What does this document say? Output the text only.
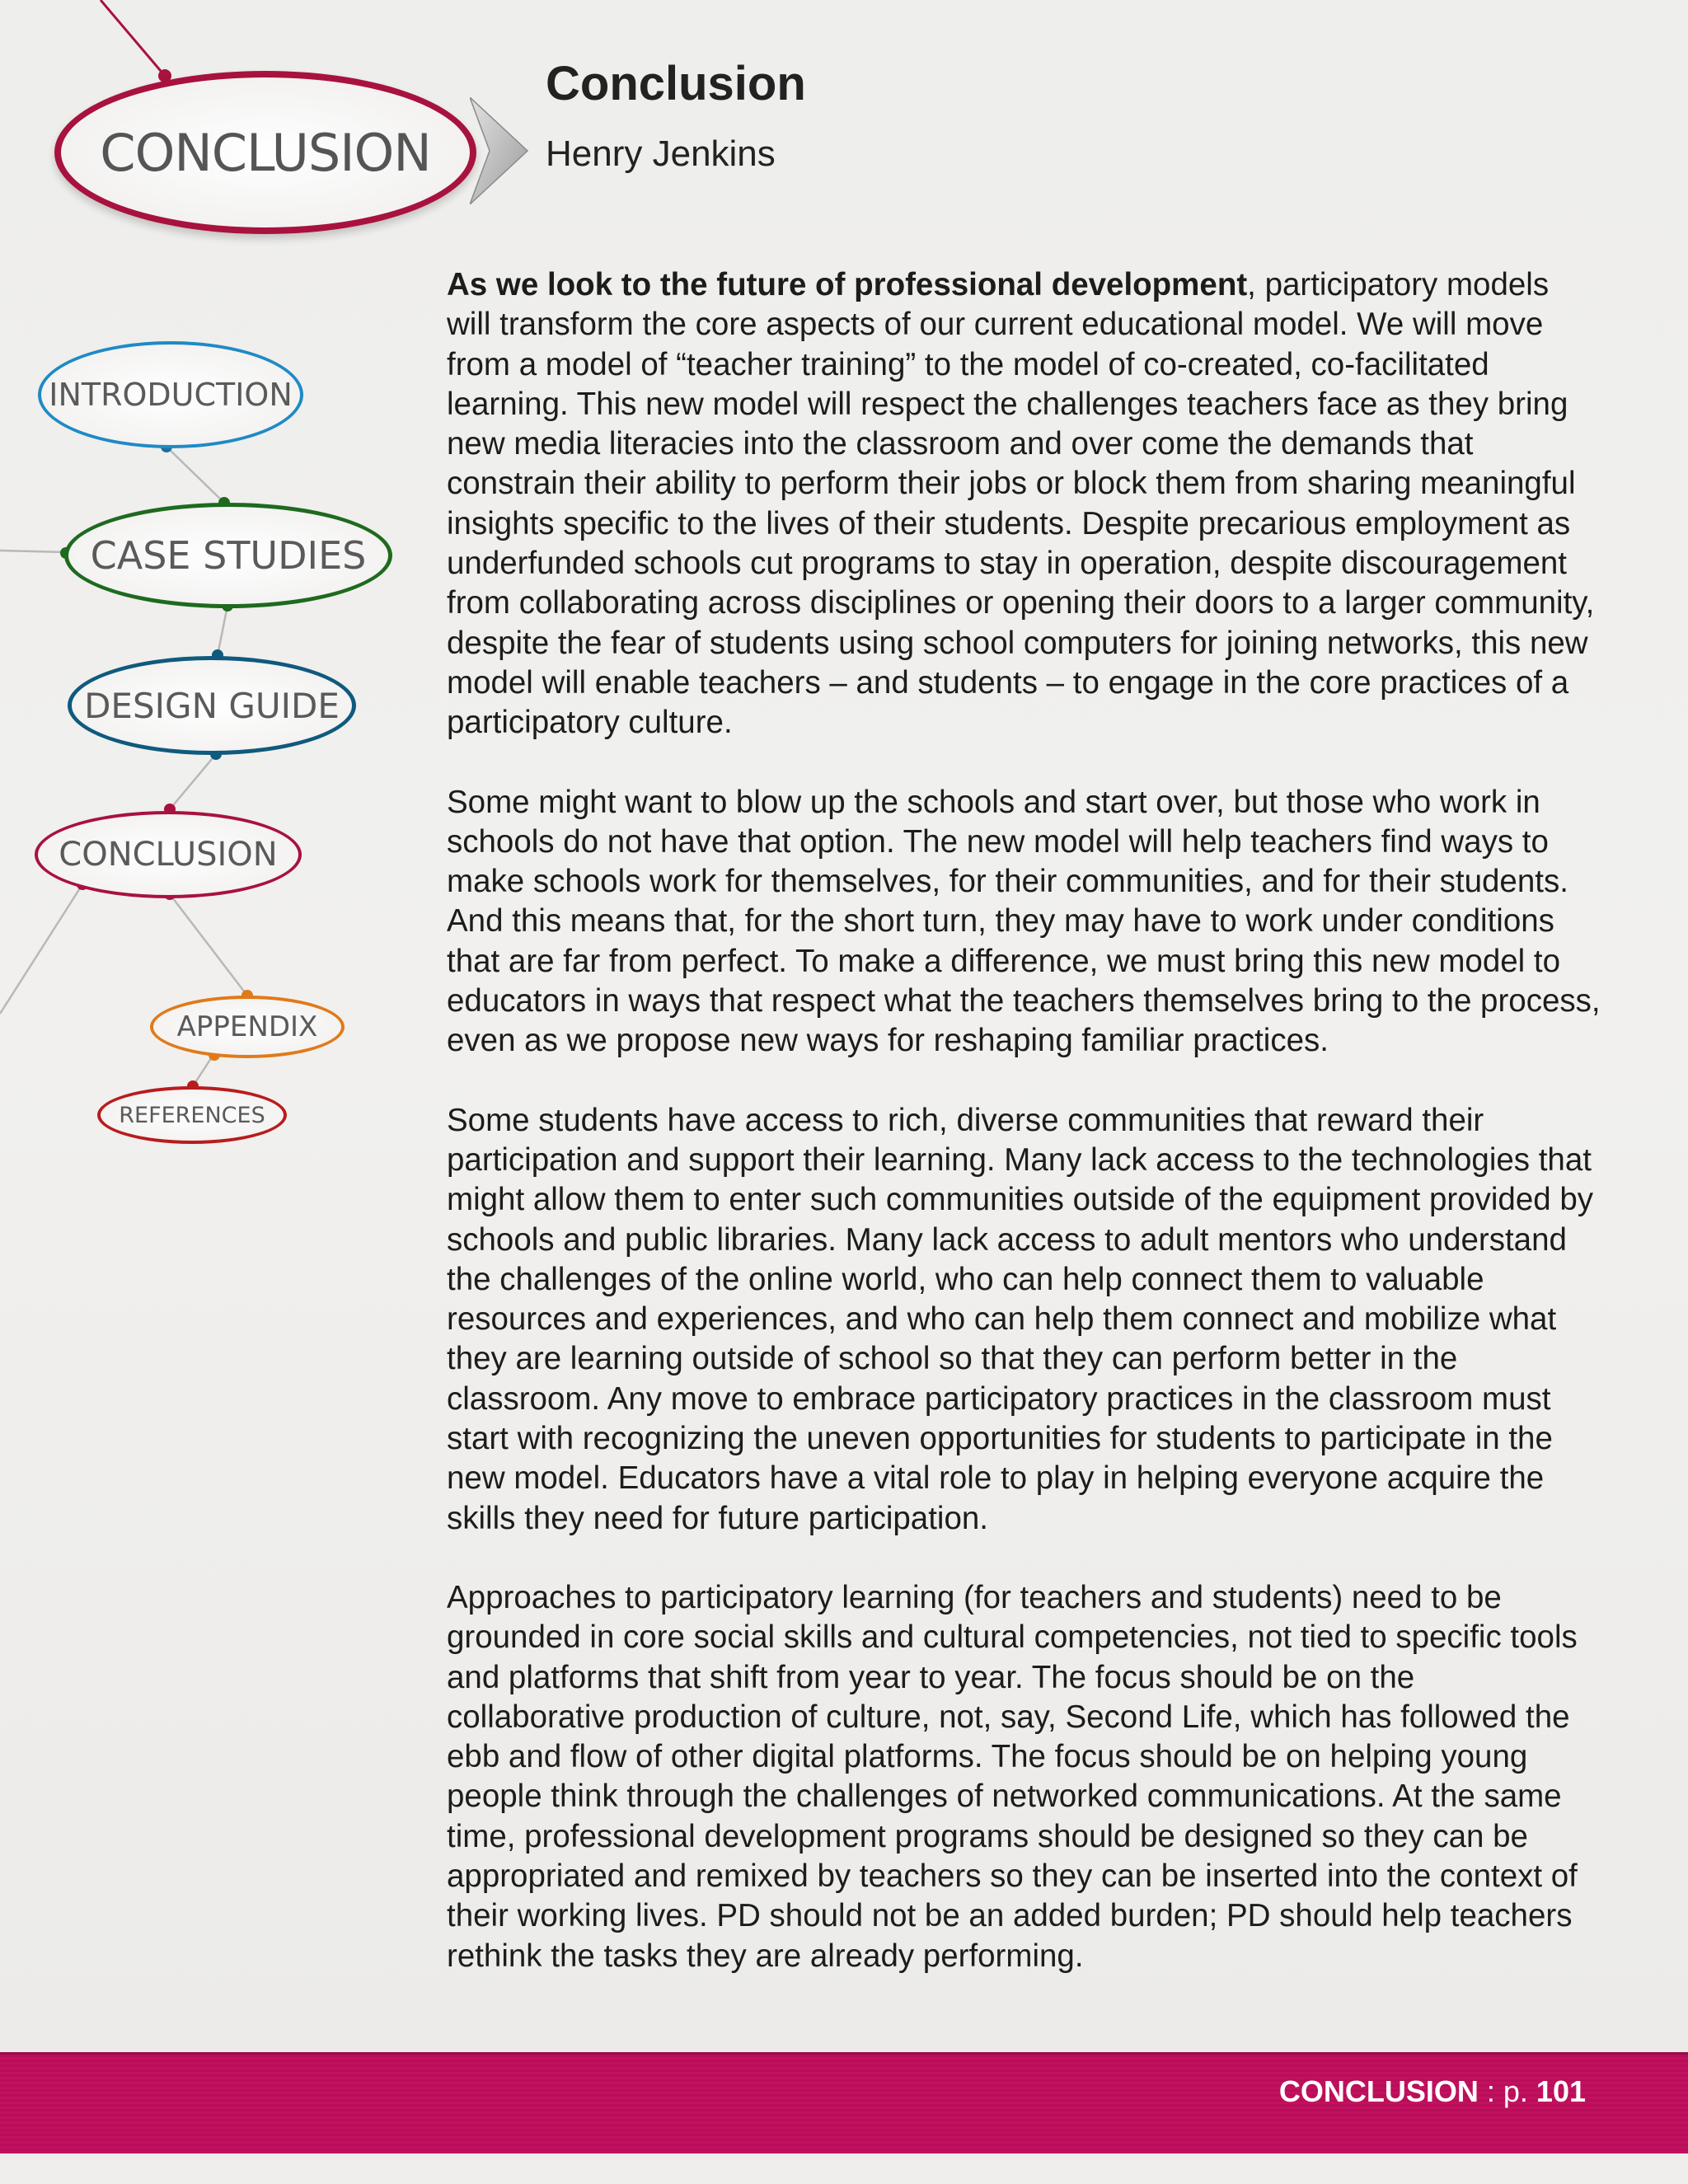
INTRODUCTION
CASE STUDIES
DESIGN GUIDE
CONCLUSION
APPENDIX
REFERENCES
CONCLUSION
Conclusion
Henry Jenkins

As we look to the future of professional development, participatory models will transform the core aspects of our current educational model. We will move from a model of “teacher training” to the model of co-created, co-facilitated learning. This new model will respect the challenges teachers face as they bring new media literacies into the classroom and over come the demands that constrain their ability to perform their jobs or block them from sharing meaningful insights specific to the lives of their students. Despite precarious employment as underfunded schools cut programs to stay in operation, despite discouragement from collaborating across disciplines or opening their doors to a larger community, despite the fear of students using school computers for joining networks, this new model will enable teachers – and students – to engage in the core practices of a participatory culture.

Some might want to blow up the schools and start over, but those who work in schools do not have that option. The new model will help teachers find ways to make schools work for themselves, for their communities, and for their students. And this means that, for the short turn, they may have to work under conditions that are far from perfect. To make a difference, we must bring this new model to educators in ways that respect what the teachers themselves bring to the process, even as we propose new ways for reshaping familiar practices.

Some students have access to rich, diverse communities that reward their participation and support their learning. Many lack access to the technologies that might allow them to enter such communities outside of the equipment provided by schools and public libraries. Many lack access to adult mentors who understand the challenges of the online world, who can help connect them to valuable resources and experiences, and who can help them connect and mobilize what they are learning outside of school so that they can perform better in the classroom. Any move to embrace participatory practices in the classroom must start with recognizing the uneven opportunities for students to participate in the new model. Educators have a vital role to play in helping everyone acquire the skills they need for future participation.

Approaches to participatory learning (for teachers and students) need to be grounded in core social skills and cultural competencies, not tied to specific tools and platforms that shift from year to year. The focus should be on the collaborative production of culture, not, say, Second Life, which has followed the ebb and flow of other digital platforms. The focus should be on helping young people think through the challenges of networked communications. At the same time, professional development programs should be designed so they can be appropriated and remixed by teachers so they can be inserted into the context of their working lives. PD should not be an added burden; PD should help teachers rethink the tasks they are already performing.

CONCLUSION : p. 101
